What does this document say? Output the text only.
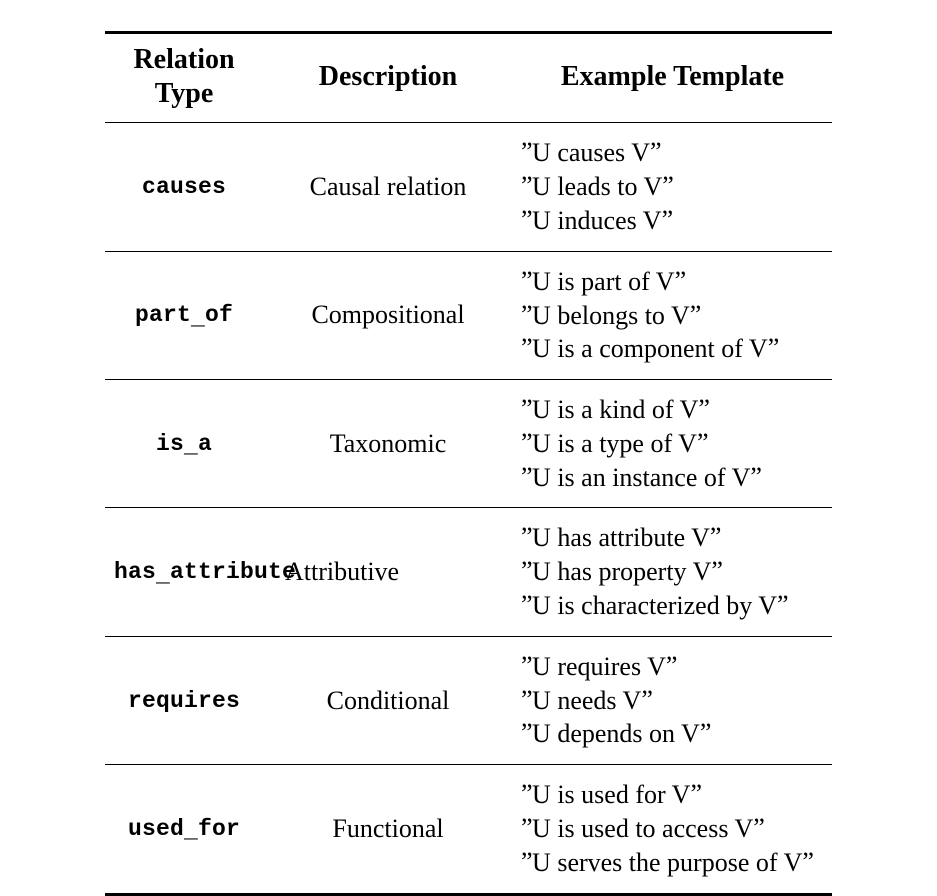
Relation
Type	Description	Example Template

causes	Causal relation	”U causes V”
”U leads to V”
”U induces V”

part_of	Compositional	”U is part of V”
”U belongs to V”
”U is a component of V”

is_a	Taxonomic	”U is a kind of V”
”U is a type of V”
”U is an instance of V”

has_attribute	Attributive	”U has attribute V”
”U has property V”
”U is characterized by V”

requires	Conditional	”U requires V”
”U needs V”
”U depends on V”

used_for	Functional	”U is used for V”
”U is used to access V”
”U serves the purpose of V”
